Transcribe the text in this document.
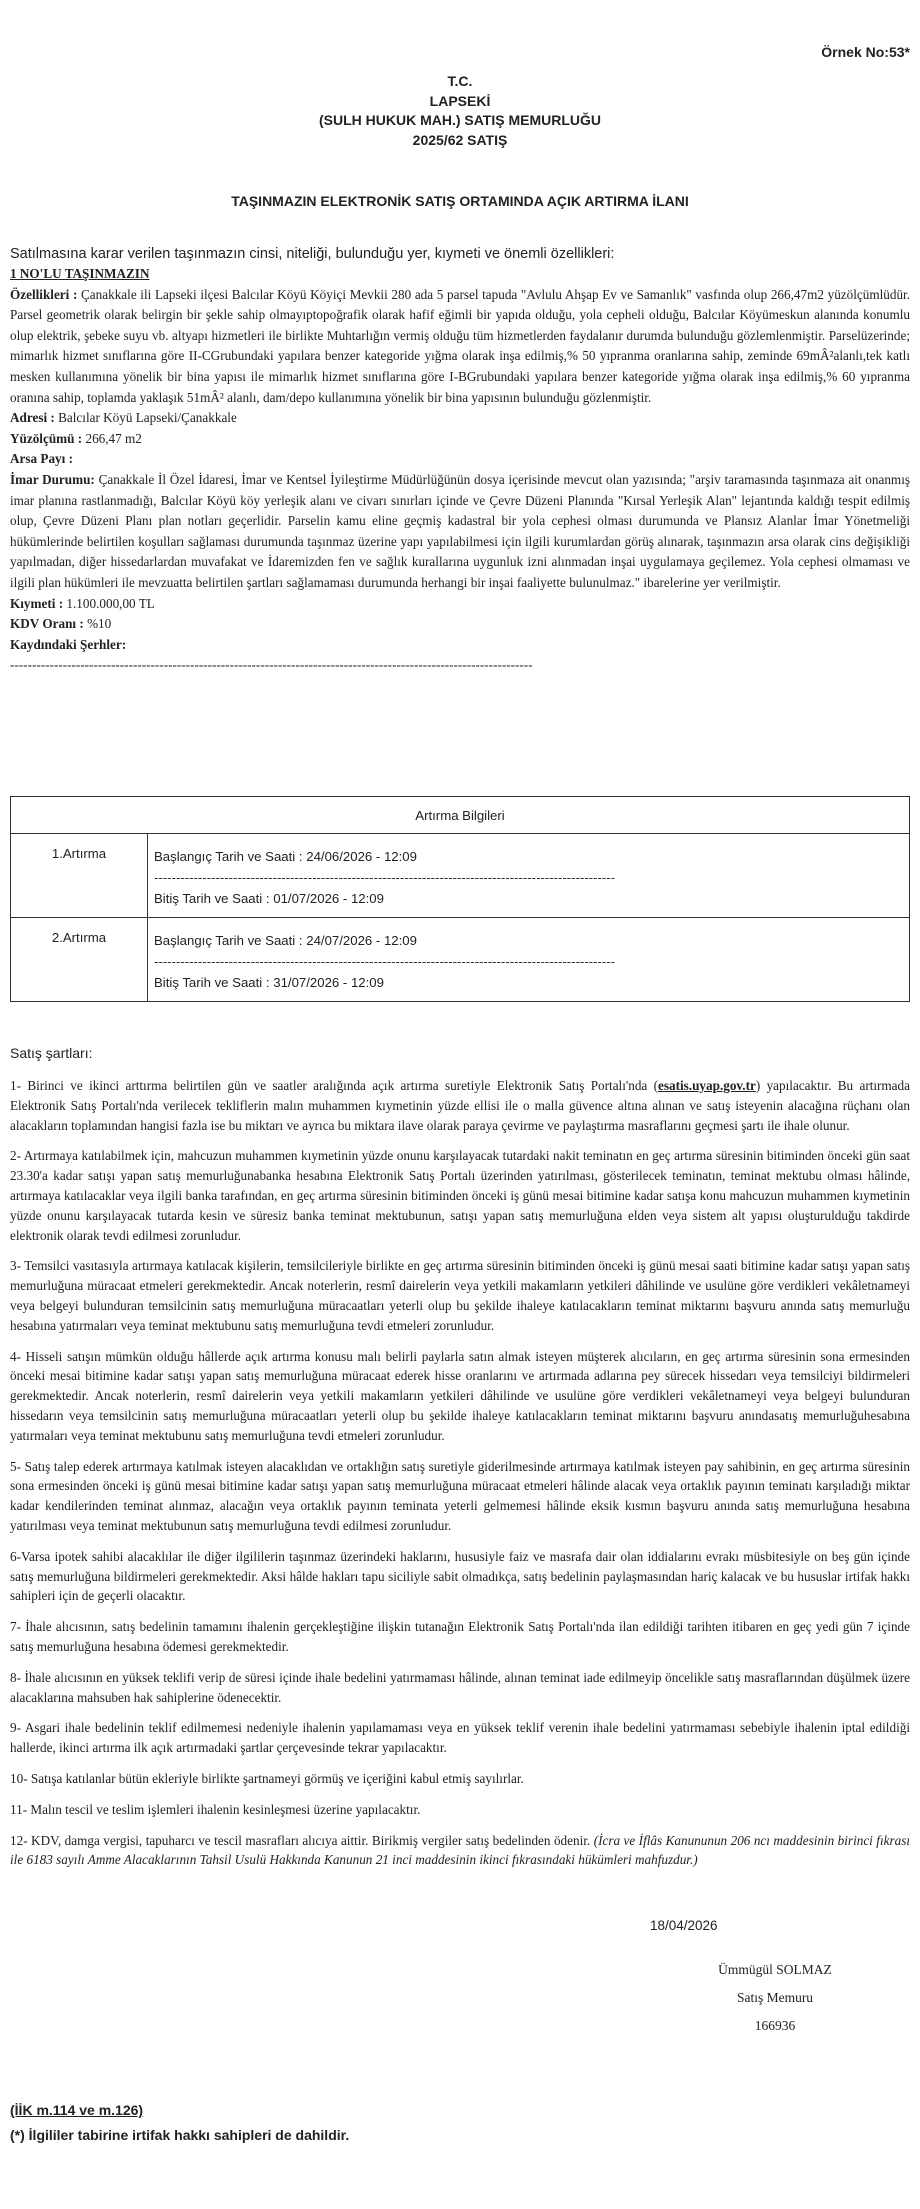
Örnek No:53*
T.C.
LAPSEKİ
(SULH HUKUK MAH.) SATIŞ MEMURLUĞU
2025/62 SATIŞ
TAŞINMAZIN ELEKTRONİK SATIŞ ORTAMINDA AÇIK ARTIRMA İLANI
Satılmasına karar verilen taşınmazın cinsi, niteliği, bulunduğu yer, kıymeti ve önemli özellikleri:

1 NO'LU TAŞINMAZIN

Özellikleri : Çanakkale ili Lapseki ilçesi Balcılar Köyü Köyiçi Mevkii 280 ada 5 parsel tapuda "Avlulu Ahşap Ev ve Samanlık" vasfında olup 266,47m2 yüzölçümlüdür. Parsel geometrik olarak belirgin bir şekle sahip olmayıptopoğrafik olarak hafif eğimli bir yapıda olduğu, yola cepheli olduğu, Balcılar Köyümeskun alanında konumlu olup elektrik, şebeke suyu vb. altyapı hizmetleri ile birlikte Muhtarlığın vermiş olduğu tüm hizmetlerden faydalanır durumda bulunduğu gözlemlenmiştir. Parselüzerinde; mimarlık hizmet sınıflarına göre II-CGrubundaki yapılara benzer kategoride yığma olarak inşa edilmiş,% 50 yıpranma oranlarına sahip, zeminde 69mÂ²alanlı,tek katlı mesken kullanımına yönelik bir bina yapısı ile mimarlık hizmet sınıflarına göre I-BGrubundaki yapılara benzer kategoride yığma olarak inşa edilmiş,% 60 yıpranma oranına sahip, toplamda yaklaşık 51mÂ² alanlı, dam/depo kullanımına yönelik bir bina yapısının bulunduğu gözlenmiştir.

Adresi : Balcılar Köyü Lapseki/Çanakkale

Yüzölçümü : 266,47 m2

Arsa Payı :

İmar Durumu: Çanakkale İl Özel İdaresi, İmar ve Kentsel İyileştirme Müdürlüğünün dosya içerisinde mevcut olan yazısında; "arşiv taramasında taşınmaza ait onanmış imar planına rastlanmadığı, Balcılar Köyü köy yerleşik alanı ve civarı sınırları içinde ve Çevre Düzeni Planında "Kırsal Yerleşik Alan" lejantında kaldığı tespit edilmiş olup, Çevre Düzeni Planı plan notları geçerlidir. Parselin kamu eline geçmiş kadastral bir yola cephesi olması durumunda ve Plansız Alanlar İmar Yönetmeliği hükümlerinde belirtilen koşulları sağlaması durumunda taşınmaz üzerine yapı yapılabilmesi için ilgili kurumlardan görüş alınarak, taşınmazın arsa olarak cins değişikliği yapılmadan, diğer hissedarlardan muvafakat ve İdaremizden fen ve sağlık kurallarına uygunluk izni alınmadan inşai uygulamaya geçilemez. Yola cephesi olmaması ve ilgili plan hükümleri ile mevzuatta belirtilen şartları sağlamaması durumunda herhangi bir inşai faaliyette bulunulmaz." ibarelerine yer verilmiştir.

Kıymeti : 1.100.000,00 TL

KDV Oranı : %10

Kaydındaki Şerhler:

-----------------------------------------------------------------------------------------------------------------------

Artırma Bilgileri	
1.Artırma	Başlangıç Tarih ve Saati : 24/06/2026 - 12:09
---------------------------------------------------------------------------------------------------------
Bitiş Tarih ve Saati : 01/07/2026 - 12:09

2.Artırma	Başlangıç Tarih ve Saati : 24/07/2026 - 12:09
---------------------------------------------------------------------------------------------------------
Bitiş Tarih ve Saati : 31/07/2026 - 12:09
Satış şartları:

1- Birinci ve ikinci arttırma belirtilen gün ve saatler aralığında açık artırma suretiyle Elektronik Satış Portalı'nda (esatis.uyap.gov.tr) yapılacaktır. Bu artırmada Elektronik Satış Portalı'nda verilecek tekliflerin malın muhammen kıymetinin yüzde ellisi ile o malla güvence altına alınan ve satış isteyenin alacağına rüçhanı olan alacakların toplamından hangisi fazla ise bu miktarı ve ayrıca bu miktara ilave olarak paraya çevirme ve paylaştırma masraflarını geçmesi şartı ile ihale olunur.

2- Artırmaya katılabilmek için, mahcuzun muhammen kıymetinin yüzde onunu karşılayacak tutardaki nakit teminatın en geç artırma süresinin bitiminden önceki gün saat 23.30'a kadar satışı yapan satış memurluğunabanka hesabına Elektronik Satış Portalı üzerinden yatırılması, gösterilecek teminatın, teminat mektubu olması hâlinde, artırmaya katılacaklar veya ilgili banka tarafından, en geç artırma süresinin bitiminden önceki iş günü mesai bitimine kadar satışa konu mahcuzun muhammen kıymetinin yüzde onunu karşılayacak tutarda kesin ve süresiz banka teminat mektubunun, satışı yapan satış memurluğuna elden veya sistem alt yapısı oluşturulduğu takdirde elektronik olarak tevdi edilmesi zorunludur.

3- Temsilci vasıtasıyla artırmaya katılacak kişilerin, temsilcileriyle birlikte en geç artırma süresinin bitiminden önceki iş günü mesai saati bitimine kadar satışı yapan satış memurluğuna müracaat etmeleri gerekmektedir. Ancak noterlerin, resmî dairelerin veya yetkili makamların yetkileri dâhilinde ve usulüne göre verdikleri vekâletnameyi veya belgeyi bulunduran temsilcinin satış memurluğuna müracaatları yeterli olup bu şekilde ihaleye katılacakların teminat miktarını başvuru anında satış memurluğu hesabına yatırmaları veya teminat mektubunu satış memurluğuna tevdi etmeleri zorunludur.

4- Hisseli satışın mümkün olduğu hâllerde açık artırma konusu malı belirli paylarla satın almak isteyen müşterek alıcıların, en geç artırma süresinin sona ermesinden önceki mesai bitimine kadar satışı yapan satış memurluğuna müracaat ederek hisse oranlarını ve artırmada adlarına pey sürecek hissedarı veya temsilciyi bildirmeleri gerekmektedir. Ancak noterlerin, resmî dairelerin veya yetkili makamların yetkileri dâhilinde ve usulüne göre verdikleri vekâletnameyi veya belgeyi bulunduran hissedarın veya temsilcinin satış memurluğuna müracaatları yeterli olup bu şekilde ihaleye katılacakların teminat miktarını başvuru anındasatış memurluğuhesabına yatırmaları veya teminat mektubunu satış memurluğuna tevdi etmeleri zorunludur.

5- Satış talep ederek artırmaya katılmak isteyen alacaklıdan ve ortaklığın satış suretiyle giderilmesinde artırmaya katılmak isteyen pay sahibinin, en geç artırma süresinin sona ermesinden önceki iş günü mesai bitimine kadar satışı yapan satış memurluğuna müracaat etmeleri hâlinde alacak veya ortaklık payının teminatı karşıladığı miktar kadar kendilerinden teminat alınmaz, alacağın veya ortaklık payının teminata yeterli gelmemesi hâlinde eksik kısmın başvuru anında satış memurluğuna hesabına yatırılması veya teminat mektubunun satış memurluğuna tevdi edilmesi zorunludur.

6-Varsa ipotek sahibi alacaklılar ile diğer ilgililerin taşınmaz üzerindeki haklarını, hususiyle faiz ve masrafa dair olan iddialarını evrakı müsbitesiyle on beş gün içinde satış memurluğuna bildirmeleri gerekmektedir. Aksi hâlde hakları tapu siciliyle sabit olmadıkça, satış bedelinin paylaşmasından hariç kalacak ve bu hususlar irtifak hakkı sahipleri için de geçerli olacaktır.

7- İhale alıcısının, satış bedelinin tamamını ihalenin gerçekleştiğine ilişkin tutanağın Elektronik Satış Portalı'nda ilan edildiği tarihten itibaren en geç yedi gün 7 içinde satış memurluğuna hesabına ödemesi gerekmektedir.

8- İhale alıcısının en yüksek teklifi verip de süresi içinde ihale bedelini yatırmaması hâlinde, alınan teminat iade edilmeyip öncelikle satış masraflarından düşülmek üzere alacaklarına mahsuben hak sahiplerine ödenecektir.

9- Asgari ihale bedelinin teklif edilmemesi nedeniyle ihalenin yapılamaması veya en yüksek teklif verenin ihale bedelini yatırmaması sebebiyle ihalenin iptal edildiği hallerde, ikinci artırma ilk açık artırmadaki şartlar çerçevesinde tekrar yapılacaktır.

10- Satışa katılanlar bütün ekleriyle birlikte şartnameyi görmüş ve içeriğini kabul etmiş sayılırlar.

11- Malın tescil ve teslim işlemleri ihalenin kesinleşmesi üzerine yapılacaktır.

12- KDV, damga vergisi, tapuharcı ve tescil masrafları alıcıya aittir. Birikmiş vergiler satış bedelinden ödenir. (İcra ve İflâs Kanununun 206 ncı maddesinin birinci fıkrası ile 6183 sayılı Amme Alacaklarının Tahsil Usulü Hakkında Kanunun 21 inci maddesinin ikinci fıkrasındaki hükümleri mahfuzdur.)

18/04/2026
Ümmügül SOLMAZ
Satış Memuru
166936
(İİK m.114 ve m.126)
(*) İlgililer tabirine irtifak hakkı sahipleri de dahildir.
